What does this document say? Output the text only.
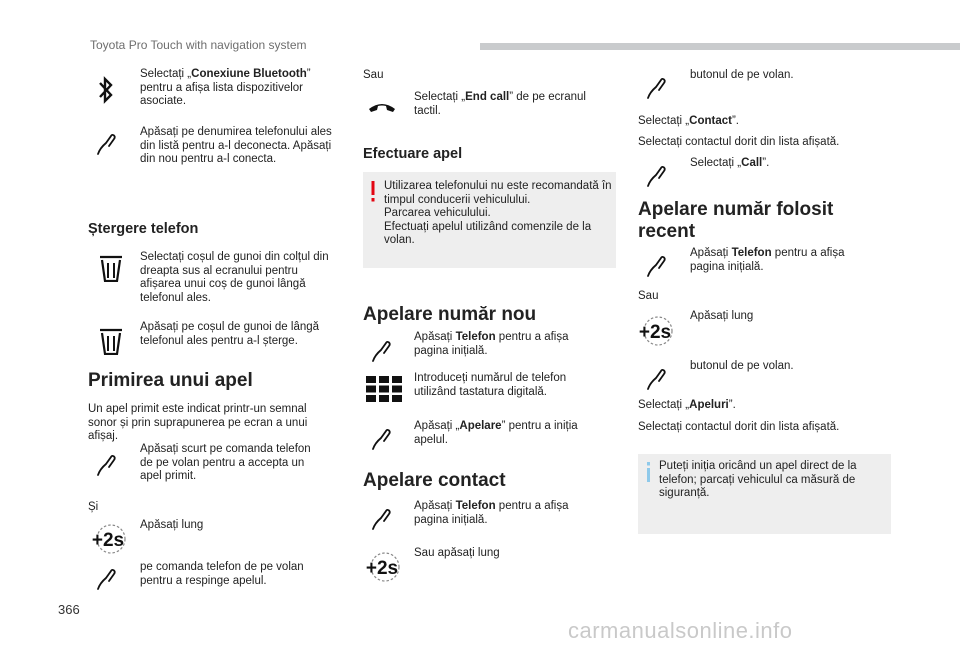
Toyota Pro Touch with navigation system
Selectați „Conexiune Bluetooth” pentru a afișa lista dispozitivelor asociate.
Apăsați pe denumirea telefonului ales din listă pentru a-l deconecta. Apăsați din nou pentru a-l conecta.
Ștergere telefon
Selectați coșul de gunoi din colțul din dreapta sus al ecranului pentru afișarea unui coș de gunoi lângă telefonul ales.
Apăsați pe coșul de gunoi de lângă telefonul ales pentru a-l șterge.
Primirea unui apel
Un apel primit este indicat printr-un semnal sonor și prin suprapunerea pe ecran a unui afișaj.
Apăsați scurt pe comanda telefon de pe volan pentru a accepta un apel primit.
Și
+2s
Apăsați lung
pe comanda telefon de pe volan pentru a respinge apelul.
Sau
Selectați „End call” de pe ecranul tactil.
Efectuare apel
Utilizarea telefonului nu este recomandată în timpul conducerii vehiculului.
Parcarea vehiculului.
Efectuați apelul utilizând comenzile de la volan.
Apelare număr nou
Apăsați Telefon pentru a afișa pagina inițială.
Introduceți numărul de telefon utilizând tastatura digitală.
Apăsați „Apelare” pentru a iniția apelul.
Apelare contact
Apăsați Telefon pentru a afișa pagina inițială.
+2s
Sau apăsați lung
butonul de pe volan.
Selectați „Contact”.
Selectați contactul dorit din lista afișată.
Selectați „Call”.
Apelare număr folosit recent
Apăsați Telefon pentru a afișa pagina inițială.
Sau
+2s
Apăsați lung
butonul de pe volan.
Selectați „Apeluri”.
Selectați contactul dorit din lista afișată.
Puteți iniția oricând un apel direct de la telefon; parcați vehiculul ca măsură de siguranță.
366
carmanualsonline.info
